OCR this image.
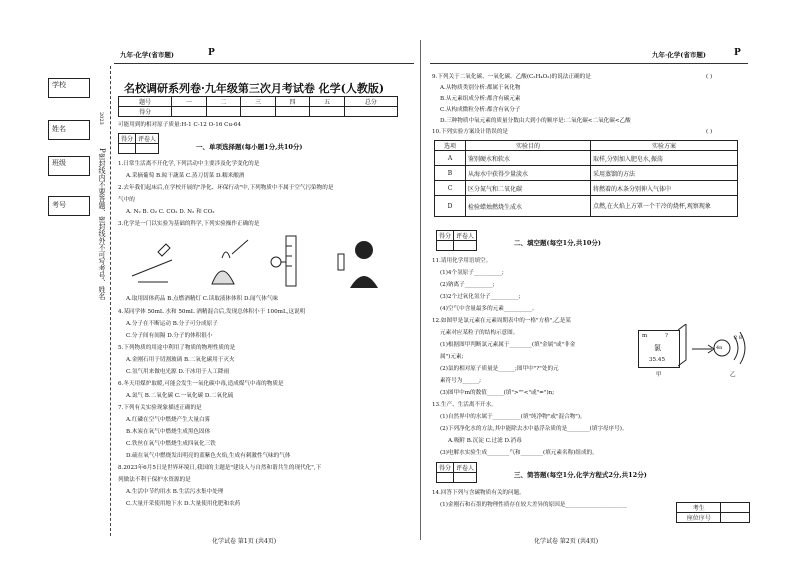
学校
姓名
班级
考号
2023
P密封线内不要答题、密封线外不可写考号、姓名
九年·化学(省市题)	P
名校调研系列卷·九年级第三次月考试卷 化学(人教版)
题号	一	二	三	四	五	总分
得分						
可能用到的相对原子质量:H-1 C-12 O-16 Cu-64
得分	评卷人

一、单项选择题(每小题1分,共10分)
1.日常生活离不开化学,下列活动中主要涉及化学变化的是
A.采摘葡萄 B.晾干蔬菜 C.蒸刀切菜 D.糯米酿酒
2.去年我们起床后,在学校开展的"净化、环保行动"中,下列物质中不属于空气污染物的是
气中的
A. N₂ B. O₂ C. CO₂ D. N₂ 和 CO₂
3.化学是一门以实验为基础的科学,下列实验操作正确的是
A.取用固体药品 B.点燃酒精灯 C.读取液体体积 D.闻气体气味
4.某同学体 50mL 水和 50mL 酒精混合后,发现总体积小于 100mL,这说明
A.分子在不断运动 B.分子可分成原子
C.分子间有间隔 D.分子的体积很小
5.下列物质的用途中利用了物质的物理性质的是
A.金刚石用于切割玻璃 B.二氧化碳用于灭火
C.氢气用来做电光源 D.干冰用于人工降雨
6.冬天用煤炉取暖,可能会发生一氧化碳中毒,造成煤气中毒的物质是
A.氮气 B.二氧化碳 C.一氧化碳 D.二氧化硫
7.下列有关实验现象描述正确的是
A.红磷在空气中燃烧产生大量白雾
B.木炭在氧气中燃烧生成黑色固体
C.铁丝在氧气中燃烧生成四氧化三铁
D.硫在氧气中燃烧发出明亮的蓝紫色火焰,生成有刺激性气味的气体
8.2023年6月5日是世界环境日,我国的主题是"建设人与自然和谐共生的现代化",下
列做法不利于保护水资源的是
A.生活中节约用水 B.生活污水集中处理
C.大量开采使用地下水 D.大量使用化肥和农药
化学试卷 第1页 (共4页)
九年·化学(省市题)	P
9.下列关于二氧化碳、一氧化碳、乙酸(C₂H₄O₂)的说法正确的是
A.从物质类别分析:都属于氧化物
B.从元素组成分析:都含有碳元素
C.从构成微粒分析:都含有氧分子
D.三种物质中氧元素的质量分数由大到小的顺序是:二氧化碳<二氧化碳<乙酸
10.下列实验方案设计错误的是
( )
( )
选项	实验目的	实验方案
A	鉴别硬水和软水	取样,分别加入肥皂水,振荡
B	从海水中获得少量淡水	采用蒸馏的方法
C	区分氮气和二氧化碳	将燃着的木条分别伸入气体中
D	检验蜡烛燃烧生成水	点燃,在火焰上方罩一个干冷的烧杯,观察现象
得分	评卷人

二、填空题(每空1分,共10分)
11.请用化学用语填空。
(1)4个氢原子__________;
(2)钠离子__________;
(3)2个过氧化氢分子__________;
(4)空气中含量最多的元素__________。
12.如图甲是氯元素在元素周期表中的一格"方格",乙是某
元素对应某粒子的结构示意图。
(1)根据图甲判断氯元素属于________(填"金属"或"非金
属")元素;
(2)氯的相对原子质量是______;图甲中"?"处的元
素符号为______;
(3)图甲中m的数值______(填">""<"或"=")n;
m	?
氯
35.45
4n
2 8
甲	乙
13.生产、生活离不开水。
(1)自然界中的水属于__________(填"纯净物"或"混合物")。
(2)下列净化水的方法,其中能除去水中悬浮杂质的是________(填字母序号)。
A.吸附 B.沉淀 C.过滤 D.消毒
(3)电解水实验生成________气和________(填元素名称)组成的。
得分	评卷人

三、简答题(每空1分,化学方程式2分,共12分)
14.回答下列与含碳物质有关的问题。
(1)金刚石和石墨的物理性质存在较大差异的原因是______________________	考生	
座位序号	
化学试卷 第2页 (共4页)
